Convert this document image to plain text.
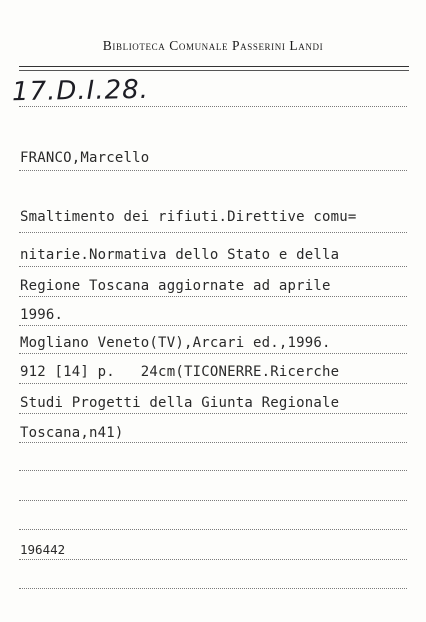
Biblioteca Comunale Passerini Landi
17.D.I.28.
FRANCO,Marcello
Smaltimento dei rifiuti.Direttive comu=
nitarie.Normativa dello Stato e della
Regione Toscana aggiornate ad aprile
1996.
Mogliano Veneto(TV),Arcari ed.,1996.
912 [14] p.   24cm(TICONERRE.Ricerche
Studi Progetti della Giunta Regionale
Toscana,n41)
196442
